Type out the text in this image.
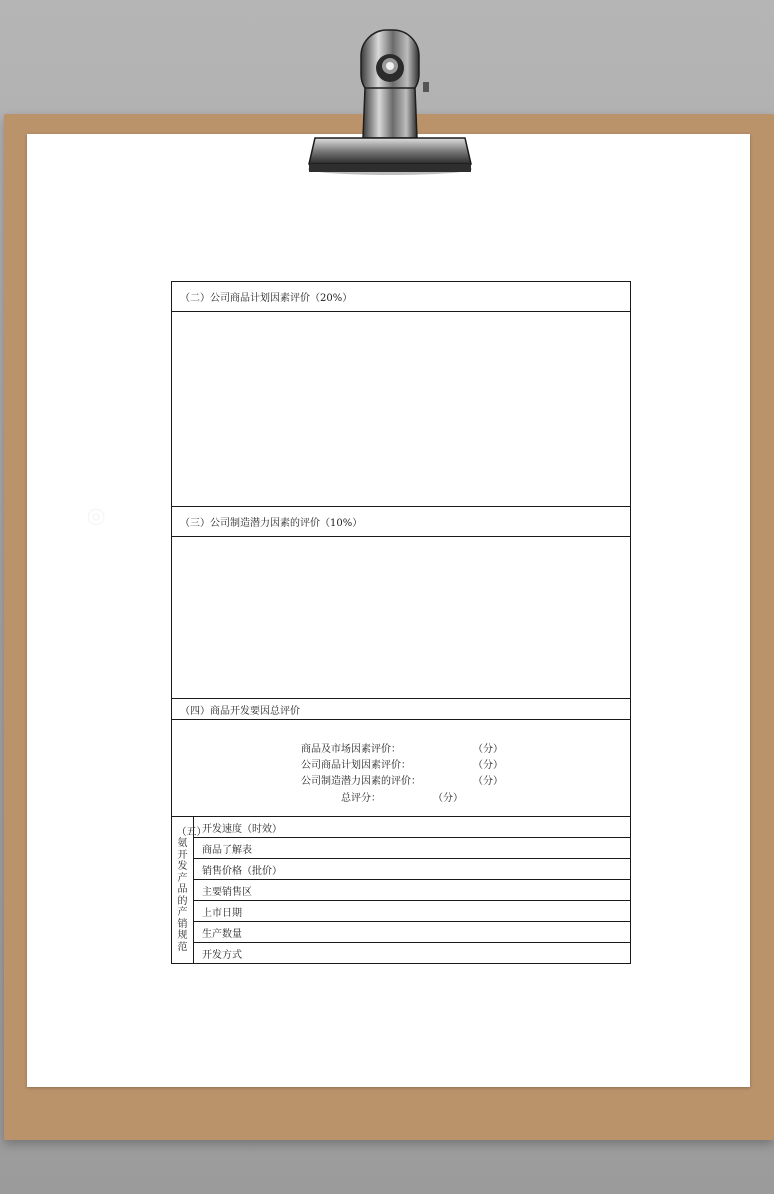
◎
（二）公司商品计划因素评价（20%）

（三）公司制造潜力因素的评价（10%）

（四）商品开发要因总评价

商品及市场因素评价：	（分）
公司商品计划因素评价：	（分）
公司制造潜力因素的评价：	（分）
总评分：	（分）

（五）氨开发产品的产销规范
	开发速度（时效）
商品了解表
销售价格（批价）
主要销售区
上市日期
生产数量
开发方式
